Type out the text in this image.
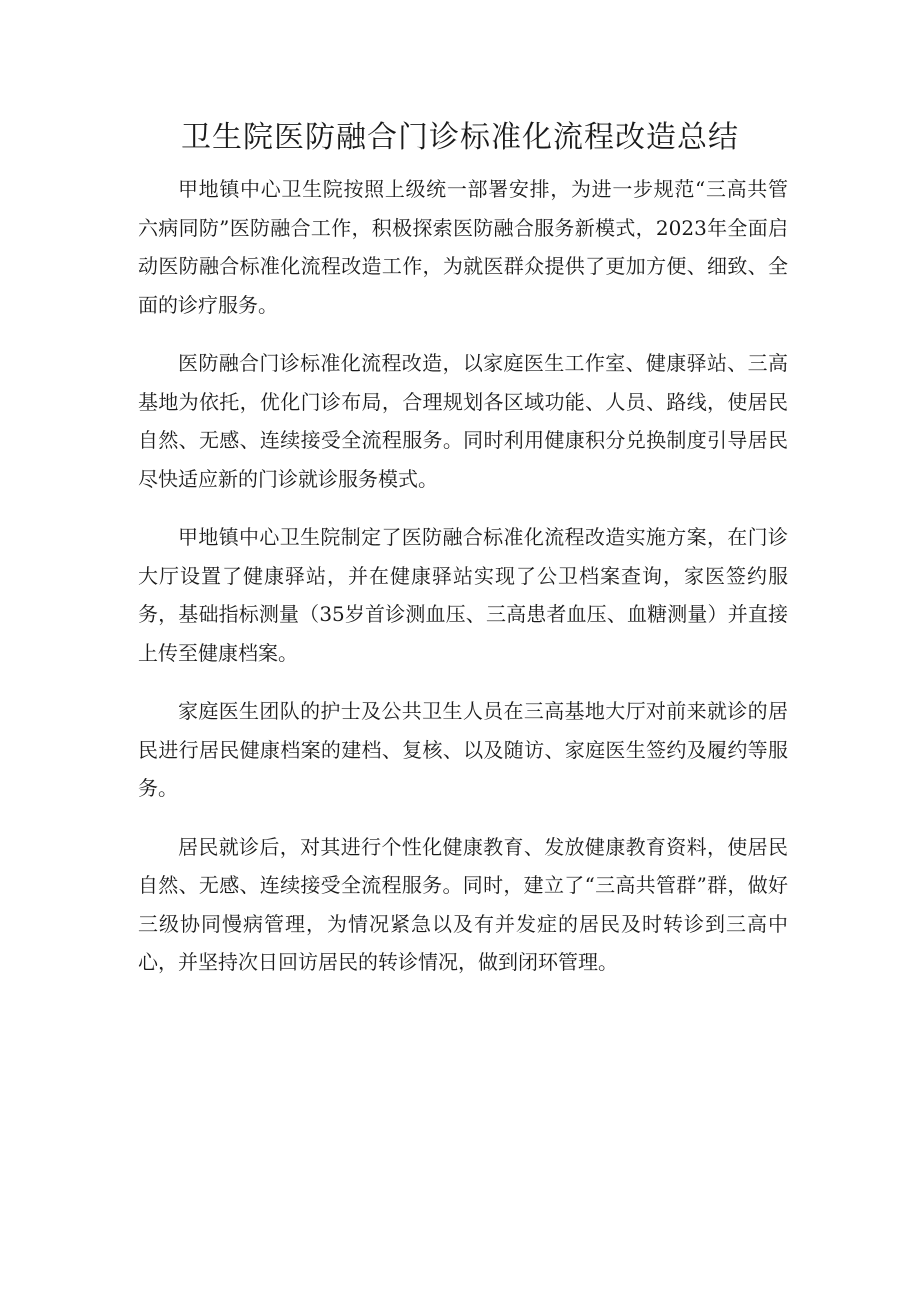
卫生院医防融合门诊标准化流程改造总结

甲地镇中心卫生院按照上级统一部署安排，为进一步规范“三高共管六病同防”医防融合工作，积极探索医防融合服务新模式，2023年全面启动医防融合标准化流程改造工作，为就医群众提供了更加方便、细致、全面的诊疗服务。

医防融合门诊标准化流程改造，以家庭医生工作室、健康驿站、三高基地为依托，优化门诊布局，合理规划各区域功能、人员、路线，使居民自然、无感、连续接受全流程服务。同时利用健康积分兑换制度引导居民尽快适应新的门诊就诊服务模式。

甲地镇中心卫生院制定了医防融合标准化流程改造实施方案，在门诊大厅设置了健康驿站，并在健康驿站实现了公卫档案查询，家医签约服务，基础指标测量（35岁首诊测血压、三高患者血压、血糖测量）并直接上传至健康档案。

家庭医生团队的护士及公共卫生人员在三高基地大厅对前来就诊的居民进行居民健康档案的建档、复核、以及随访、家庭医生签约及履约等服务。

居民就诊后，对其进行个性化健康教育、发放健康教育资料，使居民自然、无感、连续接受全流程服务。同时，建立了“三高共管群”群，做好三级协同慢病管理，为情况紧急以及有并发症的居民及时转诊到三高中心，并坚持次日回访居民的转诊情况，做到闭环管理。
